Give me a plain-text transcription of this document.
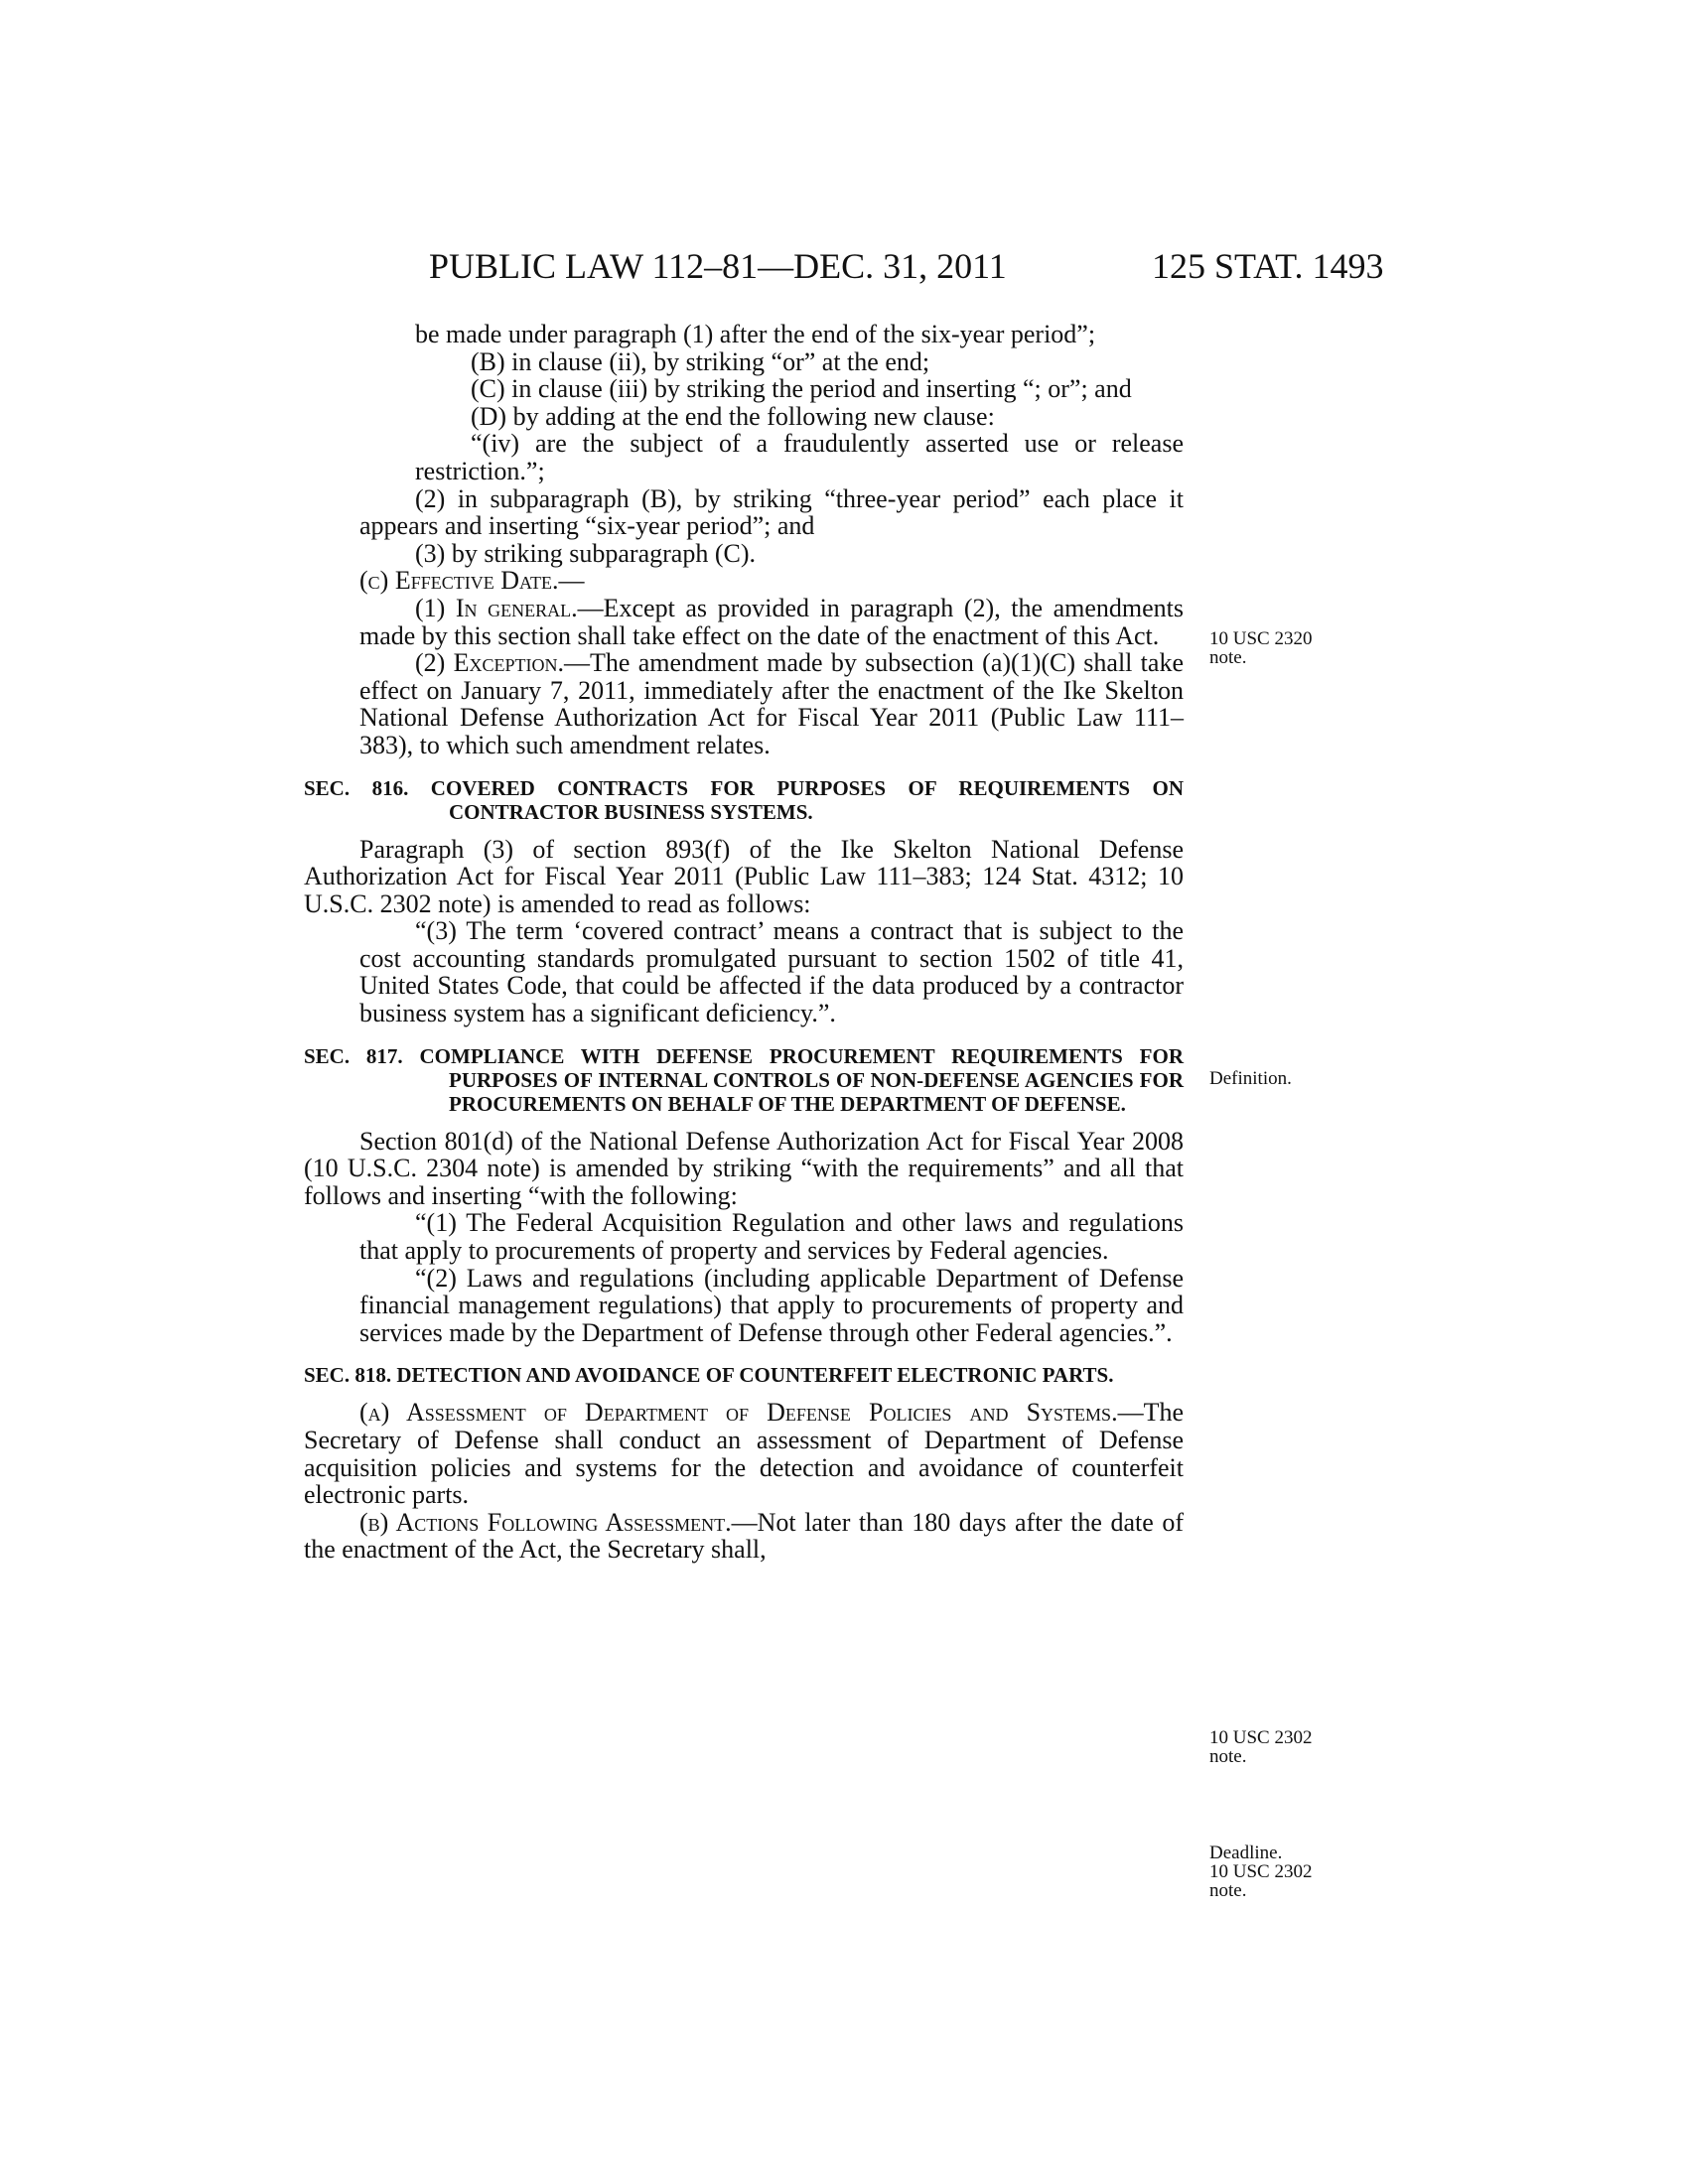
PUBLIC LAW 112–81—DEC. 31, 2011	125 STAT. 1493

be made under paragraph (1) after the end of the six-year period”;

(B) in clause (ii), by striking “or” at the end;

(C) in clause (iii) by striking the period and inserting “; or”; and

(D) by adding at the end the following new clause:

“(iv) are the subject of a fraudulently asserted use or release restriction.”;

(2) in subparagraph (B), by striking “three-year period” each place it appears and inserting “six-year period”; and

(3) by striking subparagraph (C).

(c) Effective Date.—

(1) In general.—Except as provided in paragraph (2), the amendments made by this section shall take effect on the date of the enactment of this Act.

(2) Exception.—The amendment made by subsection (a)(1)(C) shall take effect on January 7, 2011, immediately after the enactment of the Ike Skelton National Defense Authorization Act for Fiscal Year 2011 (Public Law 111–383), to which such amendment relates.

SEC. 816. COVERED CONTRACTS FOR PURPOSES OF REQUIREMENTS ON CONTRACTOR BUSINESS SYSTEMS.

Paragraph (3) of section 893(f) of the Ike Skelton National Defense Authorization Act for Fiscal Year 2011 (Public Law 111–383; 124 Stat. 4312; 10 U.S.C. 2302 note) is amended to read as follows:

“(3) The term ‘covered contract’ means a contract that is subject to the cost accounting standards promulgated pursuant to section 1502 of title 41, United States Code, that could be affected if the data produced by a contractor business system has a significant deficiency.”.

SEC. 817. COMPLIANCE WITH DEFENSE PROCUREMENT REQUIREMENTS FOR PURPOSES OF INTERNAL CONTROLS OF NON-DEFENSE AGENCIES FOR PROCUREMENTS ON BEHALF OF THE DEPARTMENT OF DEFENSE.

Section 801(d) of the National Defense Authorization Act for Fiscal Year 2008 (10 U.S.C. 2304 note) is amended by striking “with the requirements” and all that follows and inserting “with the following:

“(1) The Federal Acquisition Regulation and other laws and regulations that apply to procurements of property and services by Federal agencies.

“(2) Laws and regulations (including applicable Department of Defense financial management regulations) that apply to procurements of property and services made by the Department of Defense through other Federal agencies.”.

SEC. 818. DETECTION AND AVOIDANCE OF COUNTERFEIT ELECTRONIC PARTS.

(a) Assessment of Department of Defense Policies and Systems.—The Secretary of Defense shall conduct an assessment of Department of Defense acquisition policies and systems for the detection and avoidance of counterfeit electronic parts.

(b) Actions Following Assessment.—Not later than 180 days after the date of the enactment of the Act, the Secretary shall,

10 USC 2320
note.
Definition.
10 USC 2302
note.
Deadline.
10 USC 2302
note.
